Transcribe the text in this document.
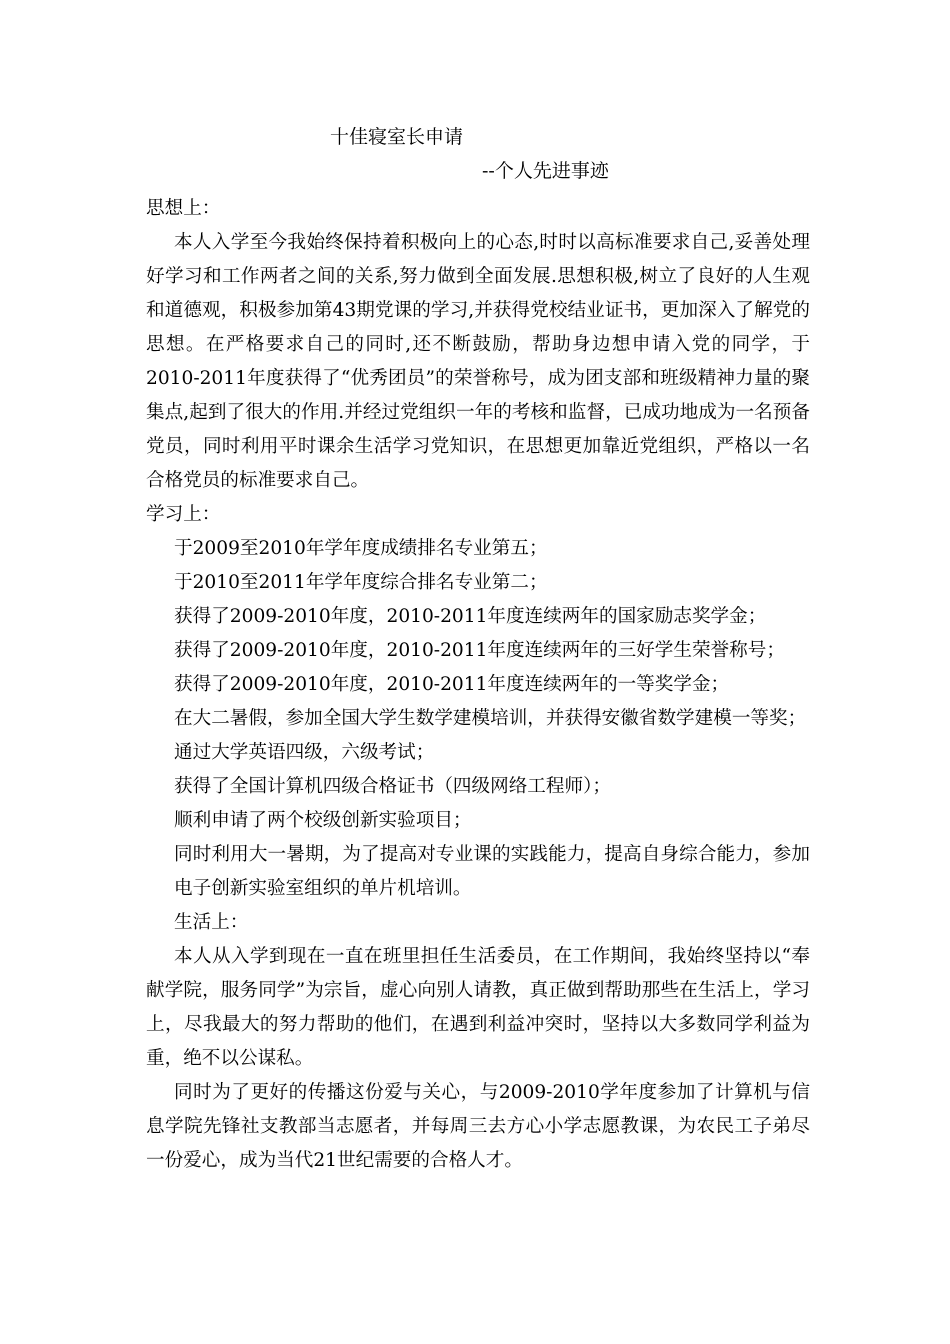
十佳寝室长申请
--个人先进事迹

思想上：

本人入学至今我始终保持着积极向上的心态,时时以高标准要求自己,妥善处理好学习和工作两者之间的关系,努力做到全面发展.思想积极,树立了良好的人生观和道德观，积极参加第43期党课的学习,并获得党校结业证书，更加深入了解党的思想。在严格要求自己的同时,还不断鼓励，帮助身边想申请入党的同学，于2010-2011年度获得了“优秀团员”的荣誉称号，成为团支部和班级精神力量的聚集点,起到了很大的作用.并经过党组织一年的考核和监督，已成功地成为一名预备党员，同时利用平时课余生活学习党知识，在思想更加靠近党组织，严格以一名合格党员的标准要求自己。

学习上：

于2009至2010年学年度成绩排名专业第五；

于2010至2011年学年度综合排名专业第二；

获得了2009-2010年度，2010-2011年度连续两年的国家励志奖学金；

获得了2009-2010年度，2010-2011年度连续两年的三好学生荣誉称号；

获得了2009-2010年度，2010-2011年度连续两年的一等奖学金；

在大二暑假，参加全国大学生数学建模培训，并获得安徽省数学建模一等奖；

通过大学英语四级，六级考试；

获得了全国计算机四级合格证书（四级网络工程师）；

顺利申请了两个校级创新实验项目；

同时利用大一暑期，为了提高对专业课的实践能力，提高自身综合能力，参加电子创新实验室组织的单片机培训。

生活上：

本人从入学到现在一直在班里担任生活委员，在工作期间，我始终坚持以“奉献学院，服务同学”为宗旨，虚心向别人请教，真正做到帮助那些在生活上，学习上，尽我最大的努力帮助的他们，在遇到利益冲突时，坚持以大多数同学利益为重，绝不以公谋私。

同时为了更好的传播这份爱与关心，与2009-2010学年度参加了计算机与信息学院先锋社支教部当志愿者，并每周三去方心小学志愿教课，为农民工子弟尽一份爱心，成为当代21世纪需要的合格人才。
